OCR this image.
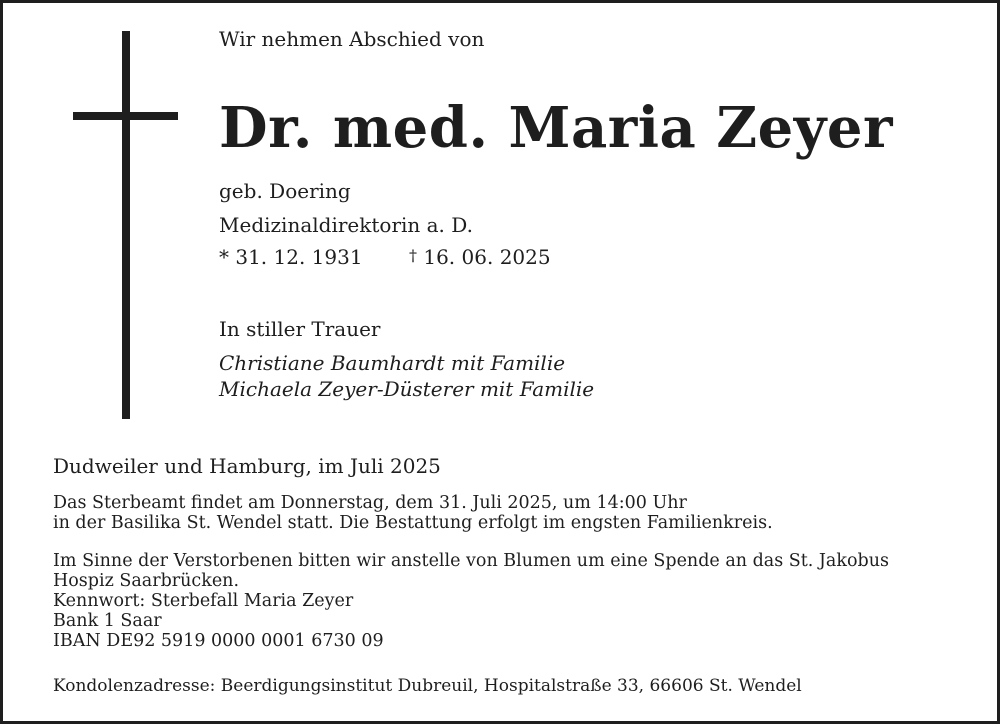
Wir nehmen Abschied von
Dr. med. Maria Zeyer
geb. Doering
Medizinaldirektorin a. D.
* 31. 12. 1931	† 16. 06. 2025
In stiller Trauer
Christiane Baumhardt mit Familie
Michaela Zeyer-Düsterer mit Familie
Dudweiler und Hamburg, im Juli 2025
Das Sterbeamt findet am Donnerstag, dem 31. Juli 2025, um 14:00 Uhr
in der Basilika St. Wendel statt. Die Bestattung erfolgt im engsten Familienkreis.
Im Sinne der Verstorbenen bitten wir anstelle von Blumen um eine Spende an das St. Jakobus
Hospiz Saarbrücken.
Kennwort: Sterbefall Maria Zeyer
Bank 1 Saar
IBAN DE92 5919 0000 0001 6730 09
Kondolenzadresse: Beerdigungsinstitut Dubreuil, Hospitalstraße 33, 66606 St. Wendel
